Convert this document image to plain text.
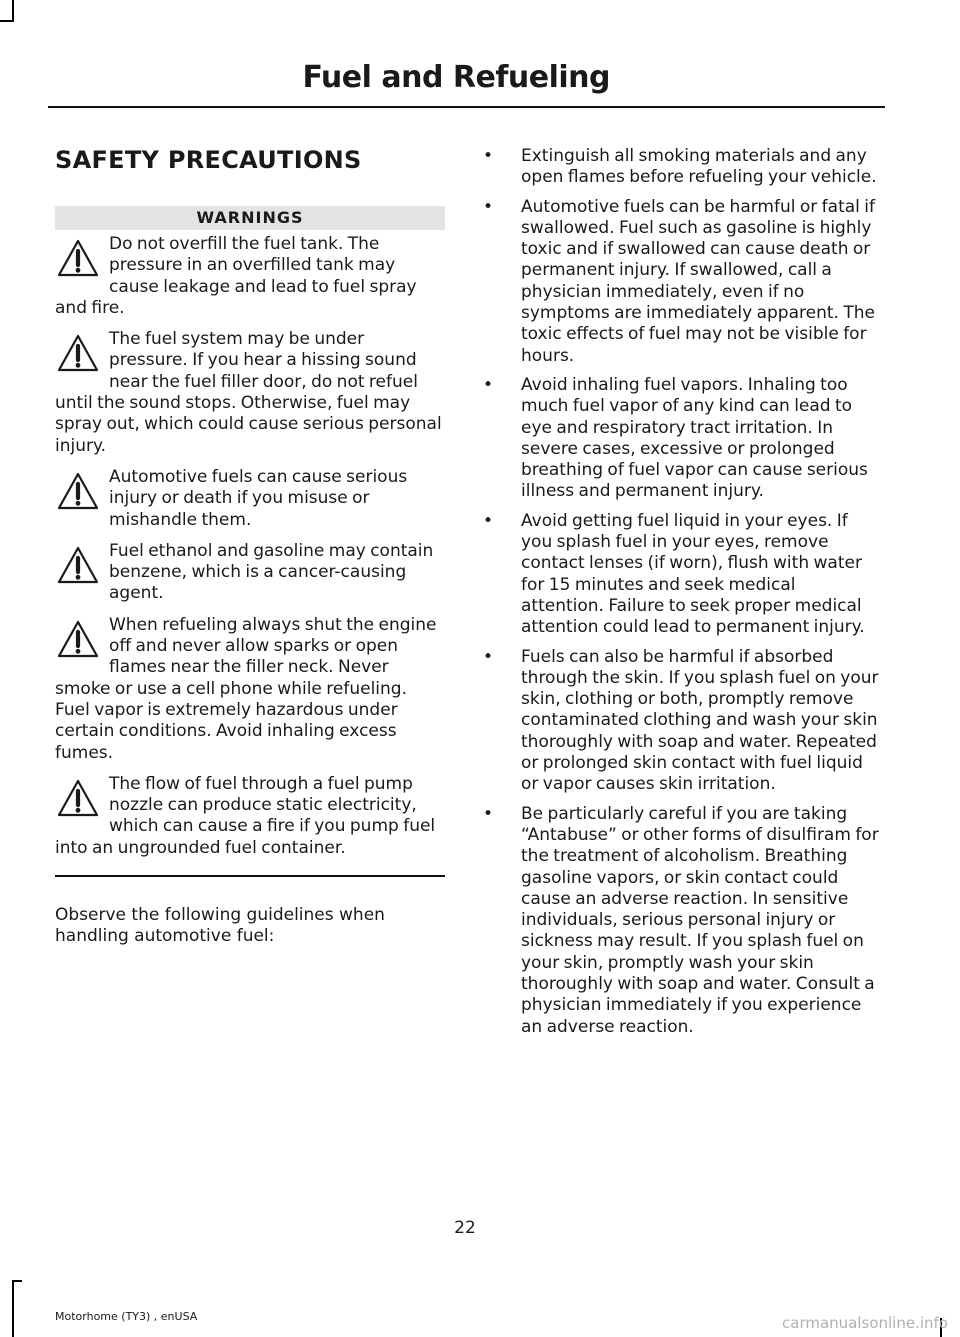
Fuel and Refueling
SAFETY PRECAUTIONS
WARNINGS
Do not overfill the fuel tank. The pressure in an overfilled tank may cause leakage and lead to fuel spray and fire.
The fuel system may be under pressure. If you hear a hissing sound near the fuel filler door, do not refuel until the sound stops. Otherwise, fuel may spray out, which could cause serious personal injury.
Automotive fuels can cause serious injury or death if you misuse or mishandle them.
Fuel ethanol and gasoline may contain benzene, which is a cancer-causing agent.
When refueling always shut the engine off and never allow sparks or open flames near the filler neck. Never smoke or use a cell phone while refueling. Fuel vapor is extremely hazardous under certain conditions. Avoid inhaling excess fumes.
The flow of fuel through a fuel pump nozzle can produce static electricity, which can cause a fire if you pump fuel into an ungrounded fuel container.

Observe the following guidelines when handling automotive fuel:

• Extinguish all smoking materials and any open flames before refueling your vehicle.
• Automotive fuels can be harmful or fatal if swallowed. Fuel such as gasoline is highly toxic and if swallowed can cause death or permanent injury. If swallowed, call a physician immediately, even if no symptoms are immediately apparent. The toxic effects of fuel may not be visible for hours.
• Avoid inhaling fuel vapors. Inhaling too much fuel vapor of any kind can lead to eye and respiratory tract irritation. In severe cases, excessive or prolonged breathing of fuel vapor can cause serious illness and permanent injury.
• Avoid getting fuel liquid in your eyes. If you splash fuel in your eyes, remove contact lenses (if worn), flush with water for 15 minutes and seek medical attention. Failure to seek proper medical attention could lead to permanent injury.
• Fuels can also be harmful if absorbed through the skin. If you splash fuel on your skin, clothing or both, promptly remove contaminated clothing and wash your skin thoroughly with soap and water. Repeated or prolonged skin contact with fuel liquid or vapor causes skin irritation.
• Be particularly careful if you are taking “Antabuse” or other forms of disulfiram for the treatment of alcoholism. Breathing gasoline vapors, or skin contact could cause an adverse reaction. In sensitive individuals, serious personal injury or sickness may result. If you splash fuel on your skin, promptly wash your skin thoroughly with soap and water. Consult a physician immediately if you experience an adverse reaction.

22

Motorhome (TY3) , enUSA	carmanualsonline.info
